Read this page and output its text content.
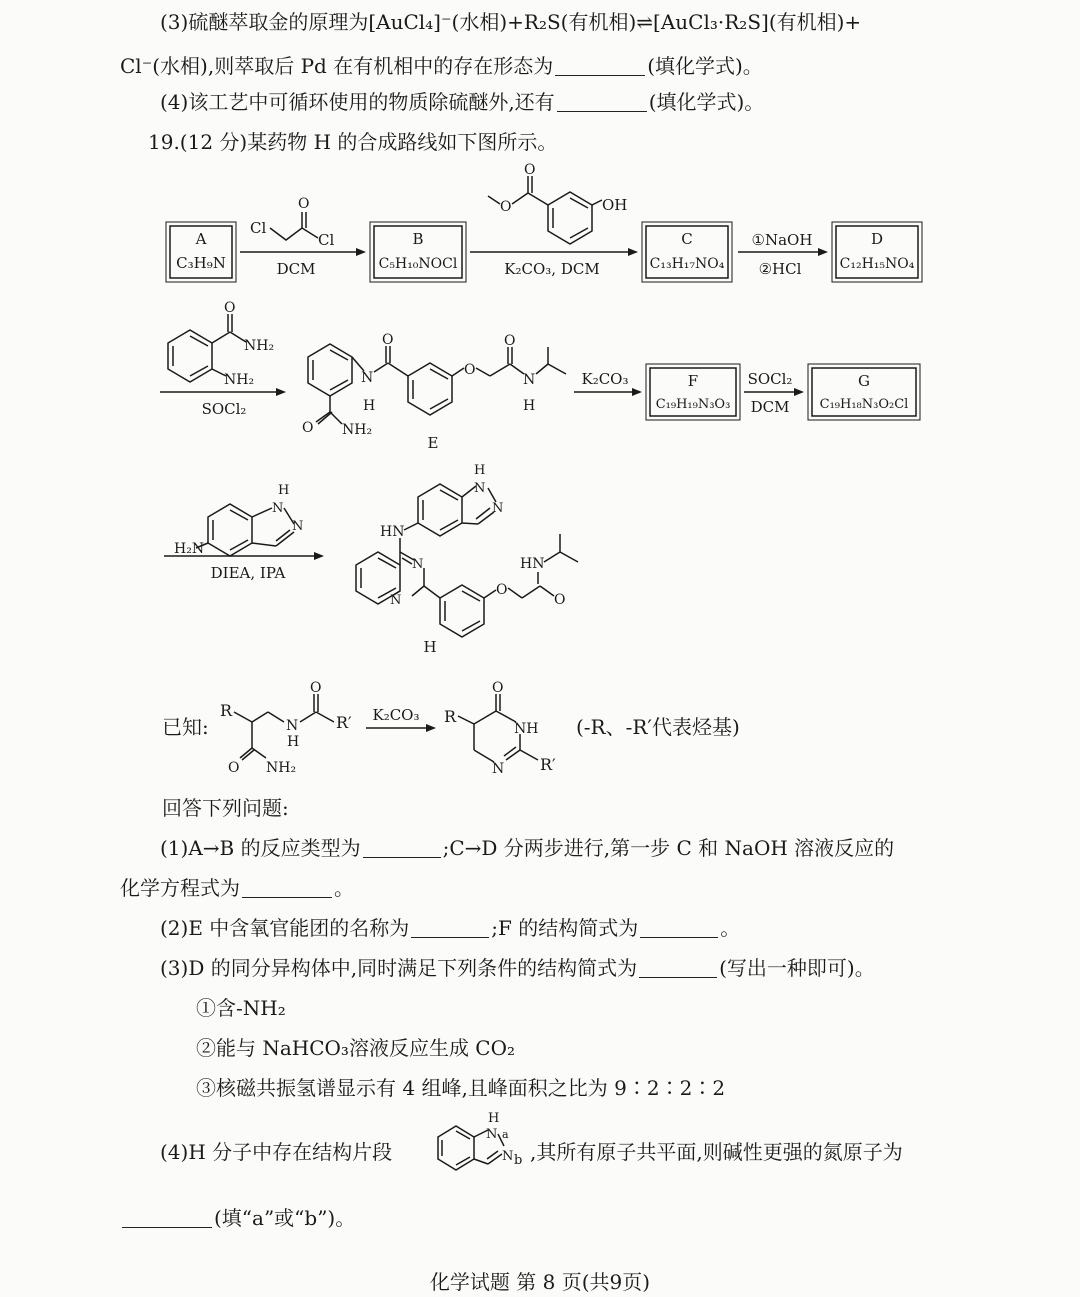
(3)硫醚萃取金的原理为[AuCl₄]⁻(水相)+R₂S(有机相)⇌[AuCl₃·R₂S](有机相)+
Cl⁻(水相),则萃取后 Pd 在有机相中的存在形态为	(填化学式)。
(4)该工艺中可循环使用的物质除硫醚外,还有	(填化学式)。
19.(12 分)某药物 H 的合成路线如下图所示。
A
C₃H₉N
Cl
O
Cl
DCM
B
C₅H₁₀NOCl
O
O	OH
K₂CO₃, DCM
C
C₁₃H₁₇NO₄
①NaOH
②HCl
D
C₁₂H₁₅NO₄
O
NH₂
NH₂
SOCl₂
N
H
O
O
O
N
H
O NH₂
E
K₂CO₃	F
C₁₉H₁₉N₃O₃
SOCl₂
DCM
G
C₁₉H₁₈N₃O₂Cl
H
N
N
H₂N
DIEA, IPA
H
N
N
HN
N
N
O
O
HN
H
已知:
R
N
H
O
R′
O NH₂
K₂CO₃ R
O
NH
N R′
(-R、-R′代表烃基)
H
N a
N b
回答下列问题:
(1)A→B 的反应类型为	;C→D 分两步进行,第一步 C 和 NaOH 溶液反应的
化学方程式为	。
(2)E 中含氧官能团的名称为	;F 的结构简式为	。
(3)D 的同分异构体中,同时满足下列条件的结构简式为	(写出一种即可)。
①含-NH₂
②能与 NaHCO₃溶液反应生成 CO₂
③核磁共振氢谱显示有 4 组峰,且峰面积之比为 9∶2∶2∶2
(4)H 分子中存在结构片段	,其所有原子共平面,则碱性更强的氮原子为
(填“a”或“b”)。
化学试题 第 8 页(共9页)
